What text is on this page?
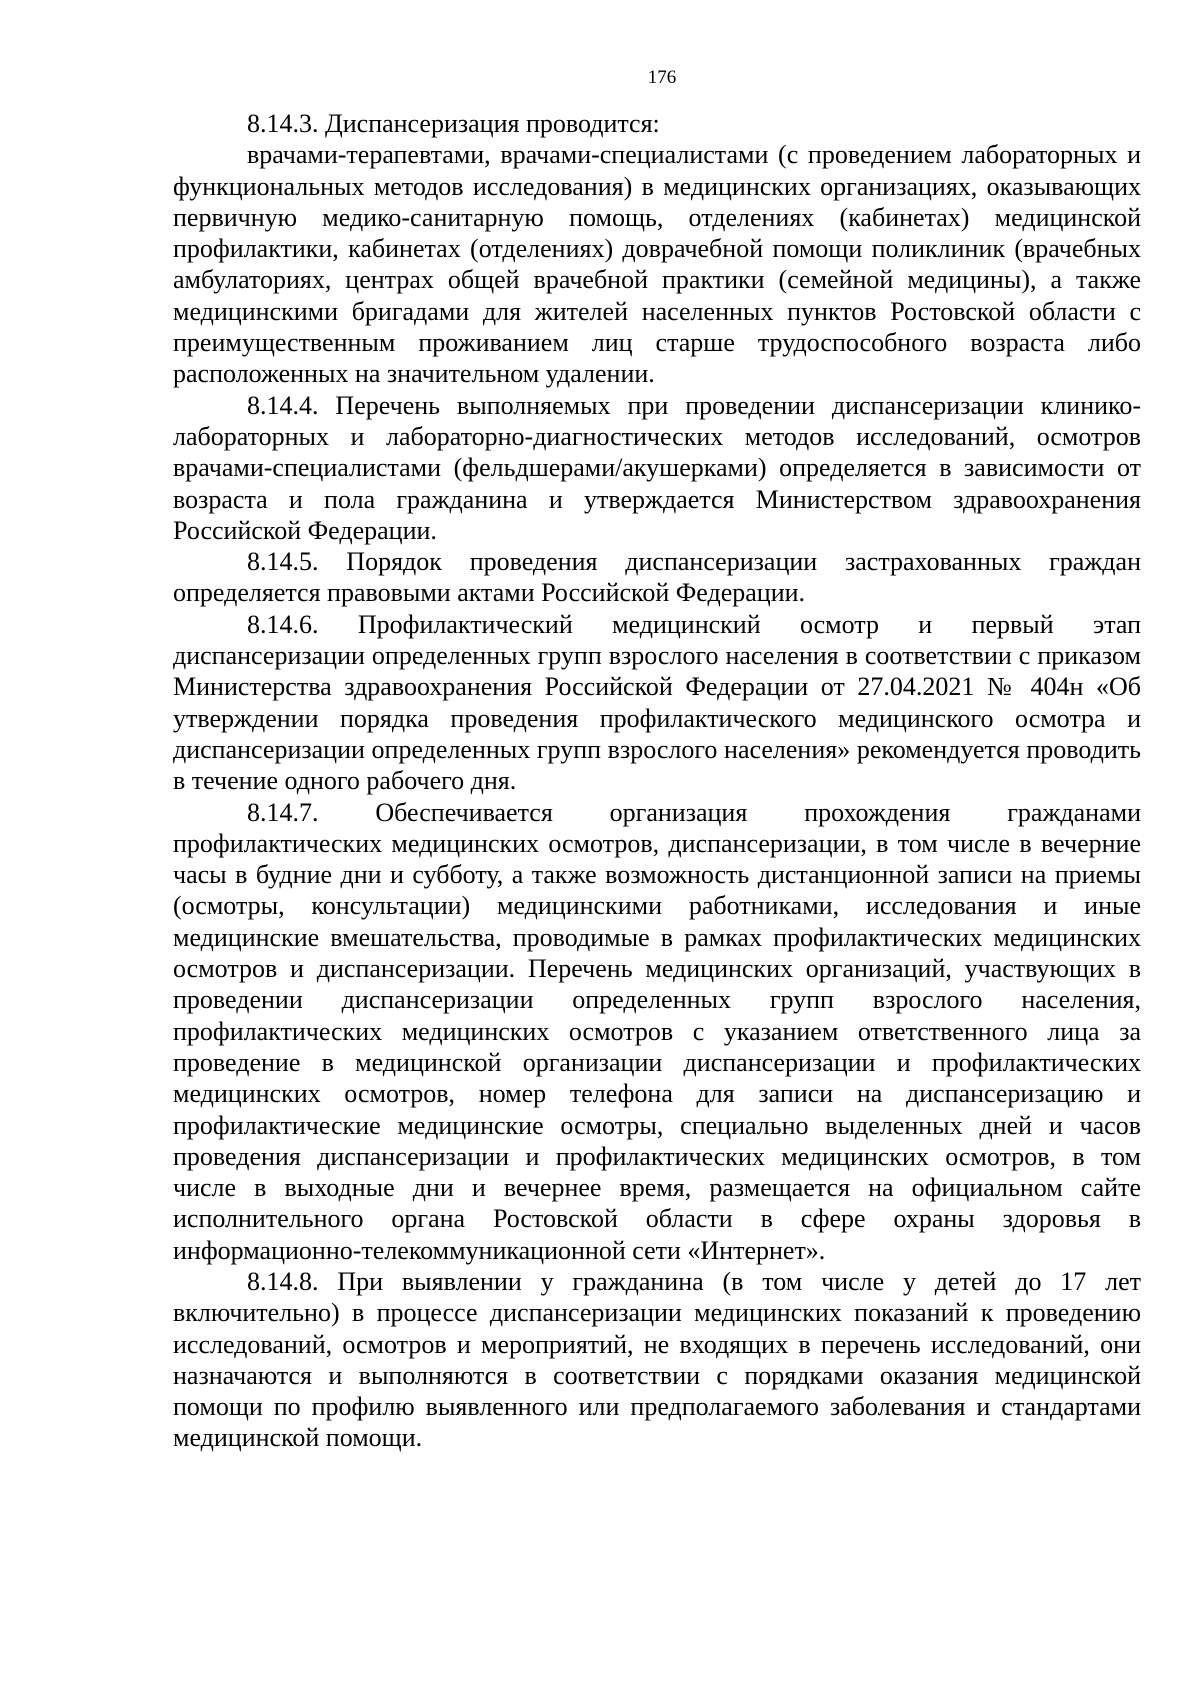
176

8.14.3. Диспансеризация проводится:

врачами-терапевтами, врачами-специалистами (с проведением лабораторных и функциональных методов исследования) в медицинских организациях, оказывающих первичную медико-санитарную помощь, отделениях (кабинетах) медицинской профилактики, кабинетах (отделениях) доврачебной помощи поликлиник (врачебных амбулаториях, центрах общей врачебной практики (семейной медицины), а также медицинскими бригадами для жителей населенных пунктов Ростовской области с преимущественным проживанием лиц старше трудоспособного возраста либо расположенных на значительном удалении.

8.14.4. Перечень выполняемых при проведении диспансеризации клинико-лабораторных и лабораторно-диагностических методов исследований, осмотров врачами-специалистами (фельдшерами/акушерками) определяется в зависимости от возраста и пола гражданина и утверждается Министерством здравоохранения Российской Федерации.

8.14.5. Порядок проведения диспансеризации застрахованных граждан определяется правовыми актами Российской Федерации.

8.14.6. Профилактический медицинский осмотр и первый этап диспансеризации определенных групп взрослого населения в соответствии с приказом Министерства здравоохранения Российской Федерации от 27.04.2021 № 404н «Об утверждении порядка проведения профилактического медицинского осмотра и диспансеризации определенных групп взрослого населения» рекомендуется проводить в течение одного рабочего дня.

8.14.7. Обеспечивается организация прохождения гражданами профилактических медицинских осмотров, диспансеризации, в том числе в вечерние часы в будние дни и субботу, а также возможность дистанционной записи на приемы (осмотры, консультации) медицинскими работниками, исследования и иные медицинские вмешательства, проводимые в рамках профилактических медицинских осмотров и диспансеризации. Перечень медицинских организаций, участвующих в проведении диспансеризации определенных групп взрослого населения, профилактических медицинских осмотров с указанием ответственного лица за проведение в медицинской организации диспансеризации и профилактических медицинских осмотров, номер телефона для записи на диспансеризацию и профилактические медицинские осмотры, специально выделенных дней и часов проведения диспансеризации и профилактических медицинских осмотров, в том числе в выходные дни и вечернее время, размещается на официальном сайте исполнительного органа Ростовской области в сфере охраны здоровья в информационно-телекоммуникационной сети «Интернет».

8.14.8. При выявлении у гражданина (в том числе у детей до 17 лет включительно) в процессе диспансеризации медицинских показаний к проведению исследований, осмотров и мероприятий, не входящих в перечень исследований, они назначаются и выполняются в соответствии с порядками оказания медицинской помощи по профилю выявленного или предполагаемого заболевания и стандартами медицинской помощи.
